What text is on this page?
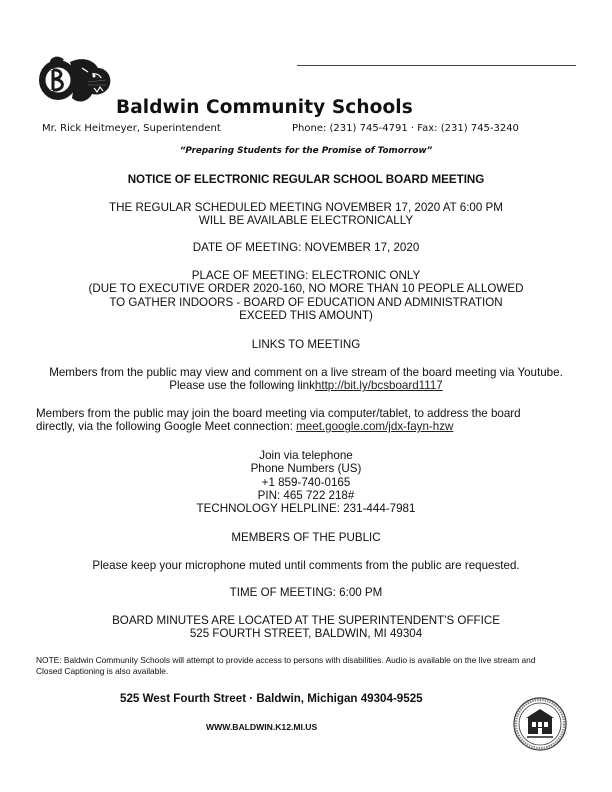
Baldwin Community Schools
Mr. Rick Heitmeyer, Superintendent	Phone: (231) 745-4791 · Fax: (231) 745-3240
“Preparing Students for the Promise of Tomorrow”
NOTICE OF ELECTRONIC REGULAR SCHOOL BOARD MEETING
THE REGULAR SCHEDULED MEETING NOVEMBER 17, 2020 AT 6:00 PM
WILL BE AVAILABLE ELECTRONICALLY
DATE OF MEETING: NOVEMBER 17, 2020
PLACE OF MEETING: ELECTRONIC ONLY
(DUE TO EXECUTIVE ORDER 2020-160, NO MORE THAN 10 PEOPLE ALLOWED
TO GATHER INDOORS - BOARD OF EDUCATION AND ADMINISTRATION
EXCEED THIS AMOUNT)
LINKS TO MEETING
Members from the public may view and comment on a live stream of the board meeting via Youtube.
Please use the following linkhttp://bit.ly/bcsboard1117
Members from the public may join the board meeting via computer/tablet, to address the board
directly, via the following Google Meet connection: meet.google.com/jdx-fayn-hzw
Join via telephone
Phone Numbers (US)
+1 859-740-0165
PIN: 465 722 218#
TECHNOLOGY HELPLINE: 231-444-7981
MEMBERS OF THE PUBLIC
Please keep your microphone muted until comments from the public are requested.
TIME OF MEETING: 6:00 PM
BOARD MINUTES ARE LOCATED AT THE SUPERINTENDENT'S OFFICE
525 FOURTH STREET, BALDWIN, MI 49304
NOTE: Baldwin Community Schools will attempt to provide access to persons with disabilities. Audio is available on the live stream and
Closed Captioning is also available.
525 West Fourth Street · Baldwin, Michigan 49304-9525
WWW.BALDWIN.K12.MI.US
